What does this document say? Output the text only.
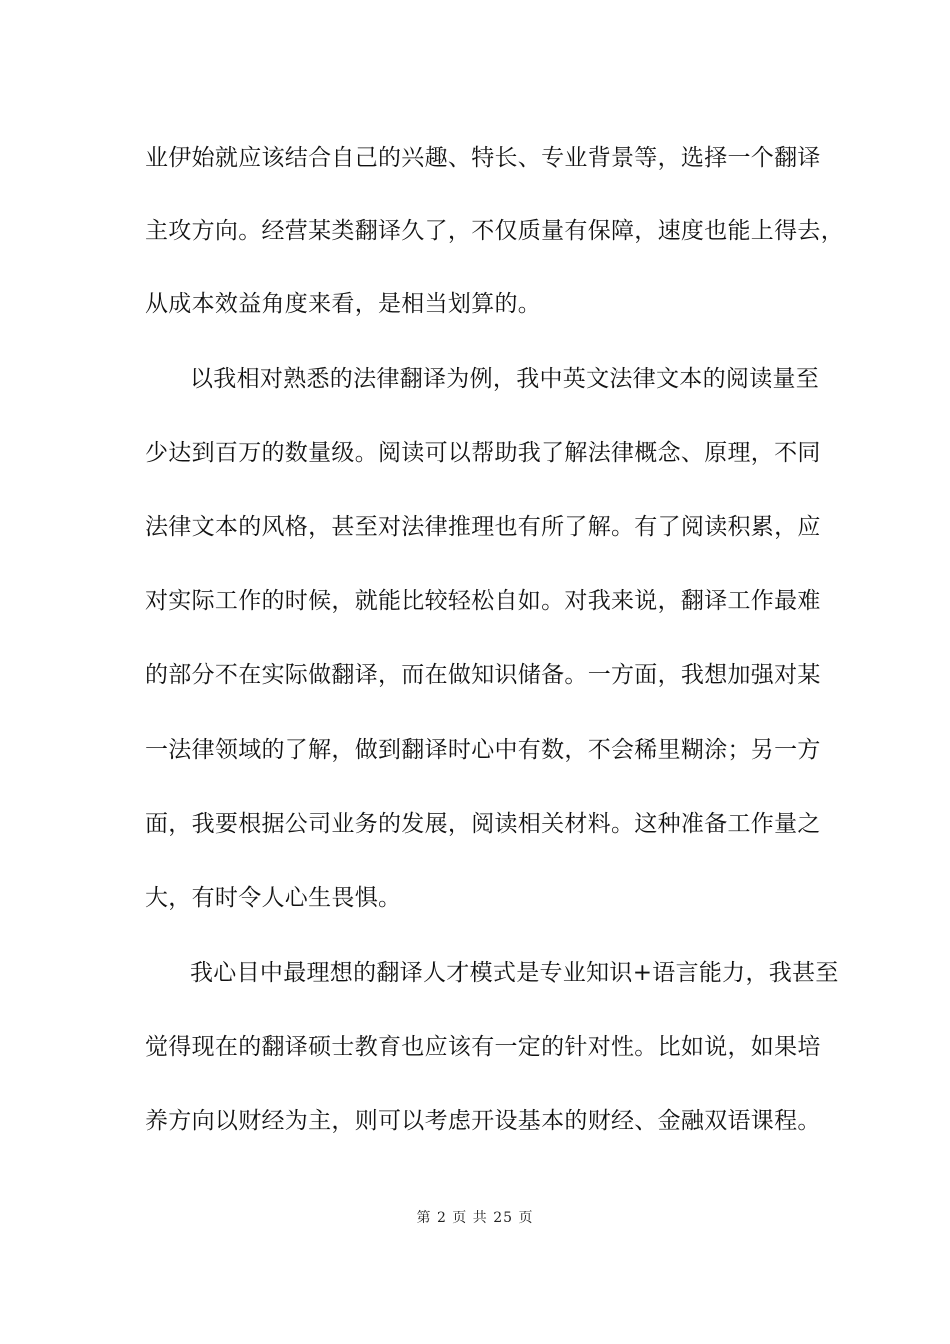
业伊始就应该结合自己的兴趣、特长、专业背景等，选择一个翻译
主攻方向。经营某类翻译久了，不仅质量有保障，速度也能上得去，
从成本效益角度来看，是相当划算的。
以我相对熟悉的法律翻译为例，我中英文法律文本的阅读量至
少达到百万的数量级。阅读可以帮助我了解法律概念、原理，不同
法律文本的风格，甚至对法律推理也有所了解。有了阅读积累，应
对实际工作的时候，就能比较轻松自如。对我来说，翻译工作最难
的部分不在实际做翻译，而在做知识储备。一方面，我想加强对某
一法律领域的了解，做到翻译时心中有数，不会稀里糊涂；另一方
面，我要根据公司业务的发展，阅读相关材料。这种准备工作量之
大，有时令人心生畏惧。
我心目中最理想的翻译人才模式是专业知识+语言能力，我甚至
觉得现在的翻译硕士教育也应该有一定的针对性。比如说，如果培
养方向以财经为主，则可以考虑开设基本的财经、金融双语课程。
第 2 页 共 25 页
